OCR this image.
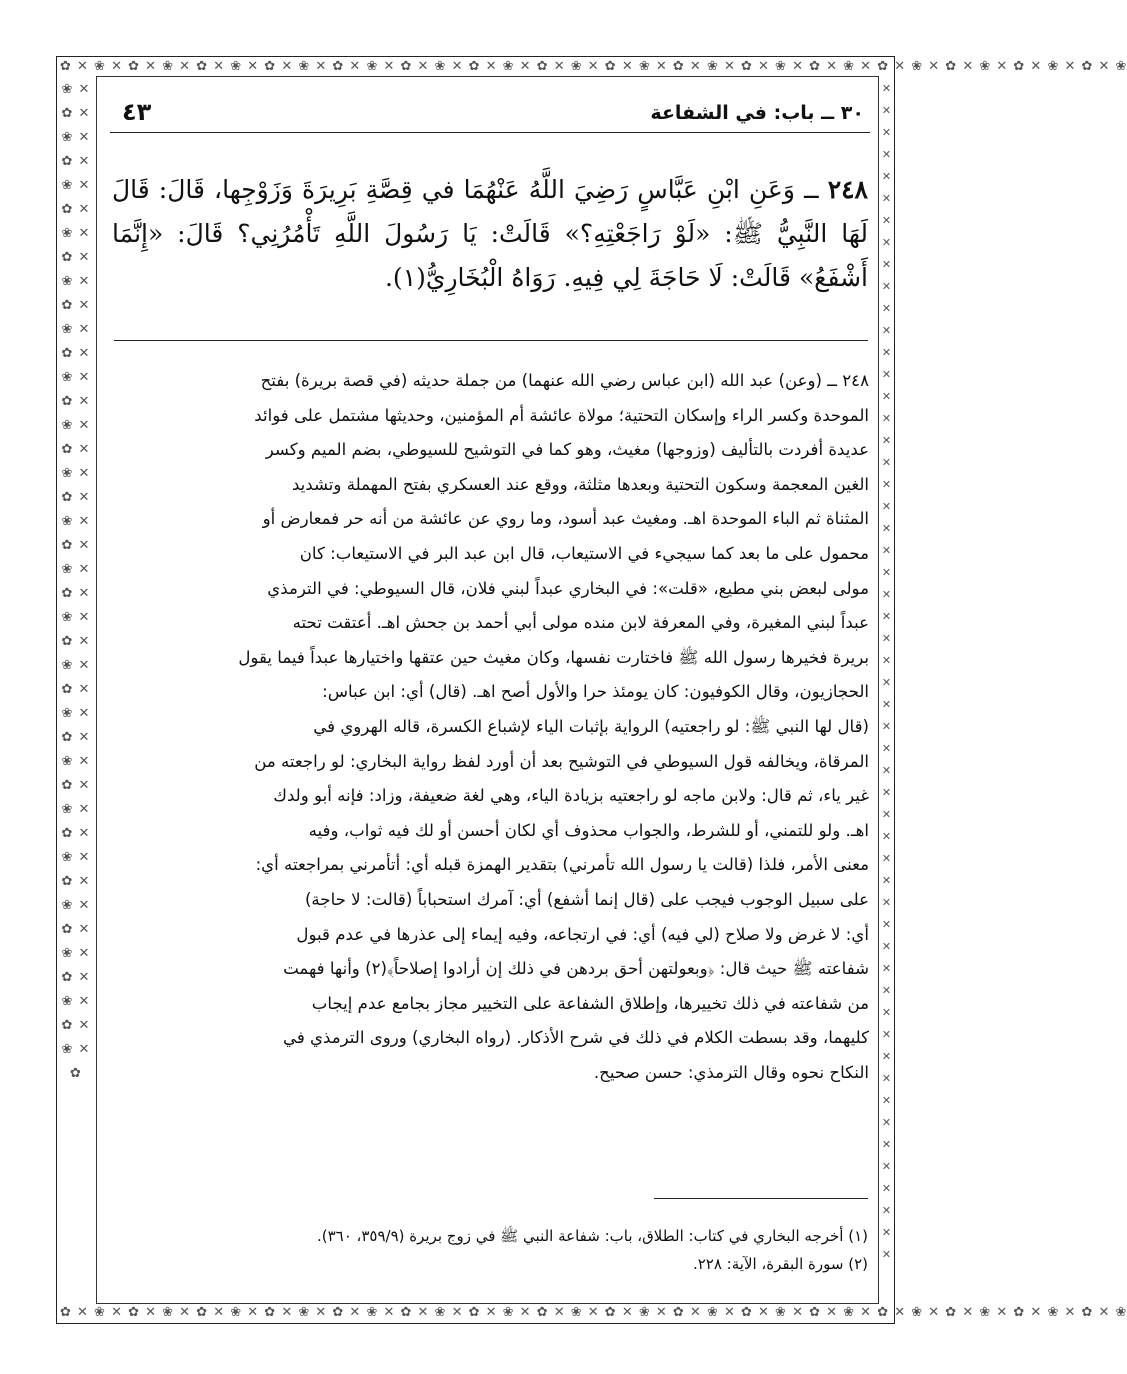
✿ ✕ ❀ ✕ ✿ ✕ ❀ ✕ ✿ ✕ ❀ ✕ ✿ ✕ ❀ ✕ ✿ ✕ ❀ ✕ ✿ ✕ ❀ ✕ ✿ ✕ ❀ ✕ ✿ ✕ ❀ ✕ ✿ ✕ ❀ ✕ ✿ ✕ ❀ ✕ ✿ ✕ ❀ ✕ ✿ ✕ ❀ ✕ ✿ ✕ ❀ ✕ ✿ ✕ ❀ ✕ ✿ ✕ ❀ ✕ ✿ ✕ ❀
✿ ✕ ❀ ✕ ✿ ✕ ❀ ✕ ✿ ✕ ❀ ✕ ✿ ✕ ❀ ✕ ✿ ✕ ❀ ✕ ✿ ✕ ❀ ✕ ✿ ✕ ❀ ✕ ✿ ✕ ❀ ✕ ✿ ✕ ❀ ✕ ✿ ✕ ❀ ✕ ✿ ✕ ❀ ✕ ✿ ✕ ❀ ✕ ✿ ✕ ❀ ✕ ✿ ✕ ❀ ✕ ✿ ✕ ❀ ✕ ✿ ✕ ❀
❀ ✕ ✿ ✕ ❀ ✕ ✿ ✕ ❀ ✕ ✿ ✕ ❀ ✕ ✿ ✕ ❀ ✕ ✿ ✕ ❀ ✕ ✿ ✕ ❀ ✕ ✿ ✕ ❀ ✕ ✿ ✕ ❀ ✕ ✿ ✕ ❀ ✕ ✿ ✕ ❀ ✕ ✿ ✕ ❀ ✕ ✿ ✕ ❀ ✕ ✿ ✕ ❀ ✕ ✿ ✕ ❀ ✕ ✿ ✕ ❀ ✕ ✿ ✕ ❀ ✕ ✿ ✕ ❀ ✕ ✿ ✕ ❀ ✕ ✿ ✕ ❀ ✕ ✿ ✕ ❀ ✕ ✿
✕ ✕ ✕ ✕ ✕ ✕ ✕ ✕ ✕ ✕ ✕ ✕ ✕ ✕ ✕ ✕ ✕ ✕ ✕ ✕ ✕ ✕ ✕ ✕ ✕ ✕ ✕ ✕ ✕ ✕ ✕ ✕ ✕ ✕ ✕ ✕ ✕ ✕ ✕ ✕ ✕ ✕ ✕ ✕ ✕ ✕ ✕ ✕ ✕ ✕ ✕ ✕ ✕ ✕
٣٠ ــ باب: في الشفاعة
٤٣
٢٤٨ ــ وَعَنِ ابْنِ عَبَّاسٍ رَضِيَ اللَّهُ عَنْهُمَا في قِصَّةِ بَرِيرَةَ وَزَوْجِها، قَالَ: قَالَ لَهَا النَّبِيُّ ﷺ: «لَوْ رَاجَعْتِهِ؟» قَالَتْ: يَا رَسُولَ اللَّهِ تَأْمُرُنِي؟ قَالَ: «إِنَّمَا أَشْفَعُ» قَالَتْ: لَا حَاجَةَ لِي فِيهِ. رَوَاهُ الْبُخَارِيُّ(١).
٢٤٨ ــ (وعن) عبد الله (ابن عباس رضي الله عنهما) من جملة حديثه (في قصة بريرة) بفتح
الموحدة وكسر الراء وإسكان التحتية؛ مولاة عائشة أم المؤمنين، وحديثها مشتمل على فوائد
عديدة أفردت بالتأليف (وزوجها) مغيث، وهو كما في التوشيح للسيوطي، بضم الميم وكسر
الغين المعجمة وسكون التحتية وبعدها مثلثة، ووقع عند العسكري بفتح المهملة وتشديد
المثناة ثم الباء الموحدة اهـ. ومغيث عبد أسود، وما روي عن عائشة من أنه حر فمعارض أو
محمول على ما بعد كما سيجيء في الاستيعاب، قال ابن عبد البر في الاستيعاب: كان
مولى لبعض بني مطيع، «قلت»: في البخاري عبداً لبني فلان، قال السيوطي: في الترمذي
عبداً لبني المغيرة، وفي المعرفة لابن منده مولى أبي أحمد بن جحش اهـ. أعتقت تحته
بريرة فخيرها رسول الله ﷺ فاختارت نفسها، وكان مغيث حين عتقها واختيارها عبداً فيما يقول
الحجازيون، وقال الكوفيون: كان يومئذ حرا والأول أصح اهـ. (قال) أي: ابن عباس:
(قال لها النبي ﷺ: لو راجعتيه) الرواية بإثبات الياء لإشباع الكسرة، قاله الهروي في
المرقاة، ويخالفه قول السيوطي في التوشيح بعد أن أورد لفظ رواية البخاري: لو راجعته من
غير ياء، ثم قال: ولابن ماجه لو راجعتيه بزيادة الياء، وهي لغة ضعيفة، وزاد: فإنه أبو ولدك
اهـ. ولو للتمني، أو للشرط، والجواب محذوف أي لكان أحسن أو لك فيه ثواب، وفيه
معنى الأمر، فلذا (قالت يا رسول الله تأمرني) بتقدير الهمزة قبله أي: أتأمرني بمراجعته أي:
على سبيل الوجوب فيجب على (قال إنما أشفع) أي: آمرك استحباباً (قالت: لا حاجة)
أي: لا غرض ولا صلاح (لي فيه) أي: في ارتجاعه، وفيه إيماء إلى عذرها في عدم قبول
شفاعته ﷺ حيث قال: ﴿وبعولتهن أحق بردهن في ذلك إن أرادوا إصلاحاً﴾(٢) وأنها فهمت
من شفاعته في ذلك تخييرها، وإطلاق الشفاعة على التخيير مجاز بجامع عدم إيجاب
كليهما، وقد بسطت الكلام في ذلك في شرح الأذكار. (رواه البخاري) وروى الترمذي في
النكاح نحوه وقال الترمذي: حسن صحيح.
(١) أخرجه البخاري في كتاب: الطلاق، باب: شفاعة النبي ﷺ في زوج بريرة (٣٥٩/٩، ٣٦٠).
(٢) سورة البقرة، الآية: ٢٢٨.
